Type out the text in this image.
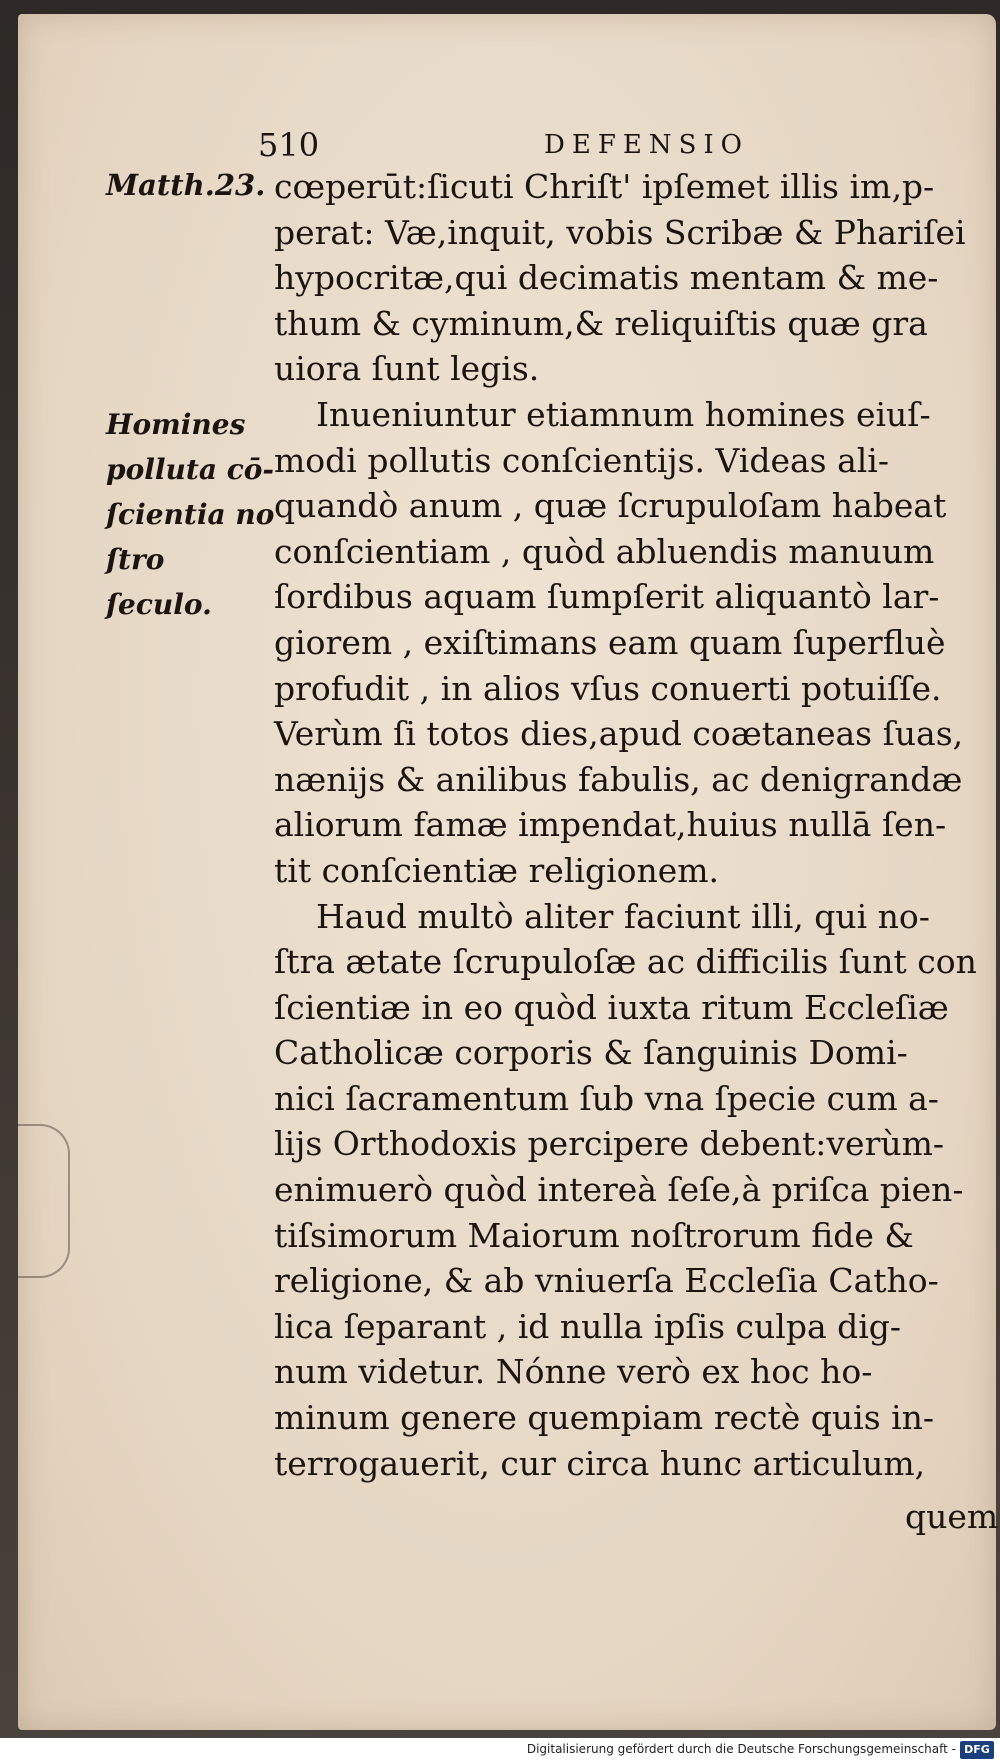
510	DEFENSIO
Matth.23.
Homines
polluta cō-
ſcientia no
ſtro ſeculo.
cœperūt:ſicuti Chriſt' ipſemet illis im‚p‑
perat: Væ,inquit, vobis Scribæ & Phariſei
hypocritæ,qui decimatis mentam & me-
thum & cyminum,& reliquiſtis quæ gra
uiora ſunt legis.
Inueniuntur etiamnum homines eiuſ-
modi pollutis conſcientijs. Videas ali-
quandò anum , quæ ſcrupuloſam habeat
conſcientiam , quòd abluendis manuum
ſordibus aquam ſumpſerit aliquantò lar-
giorem , exiſtimans eam quam ſuperfluè
profudit , in alios vſus conuerti potuiſſe.
Verùm ſi totos dies,apud coætaneas ſuas,
nænijs & anilibus fabulis, ac denigrandæ
aliorum famæ impendat,huius nullā ſen-
tit conſcientiæ religionem.
Haud multò aliter faciunt illi, qui no-
ſtra ætate ſcrupuloſæ ac difficilis ſunt con
ſcientiæ in eo quòd iuxta ritum Eccleſiæ
Catholicæ corporis & ſanguinis Domi-
nici ſacramentum ſub vna ſpecie cum a-
lijs Orthodoxis percipere debent:verùm-
enimuerò quòd intereà ſeſe,à priſca pien-
tiſsimorum Maiorum noſtrorum fide &
religione, & ab vniuerſa Eccleſia Catho-
lica ſeparant , id nulla ipſis culpa dig-
num videtur. Nónne verò ex hoc ho-
minum genere quempiam rectè quis in-
terrogauerit, cur circa hunc articulum,
quem
Digitalisierung gefördert durch die Deutsche Forschungsgemeinschaft - DFG
